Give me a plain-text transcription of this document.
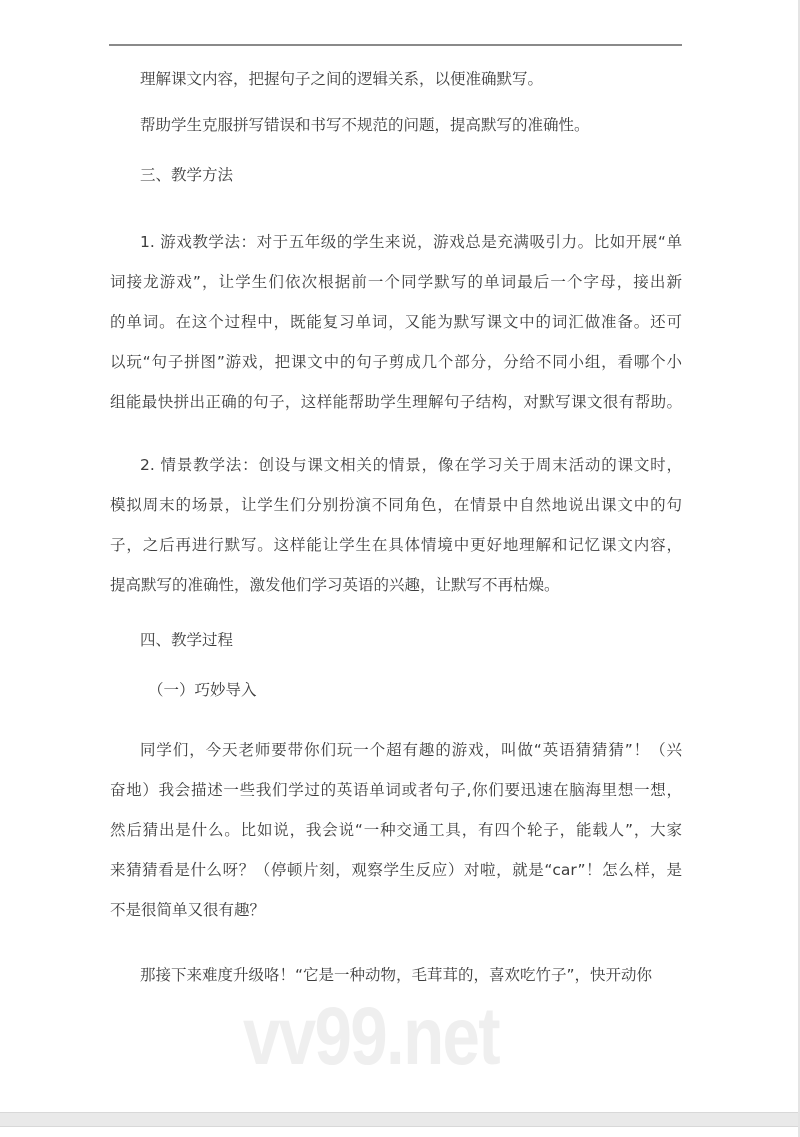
理解课文内容，把握句子之间的逻辑关系，以便准确默写。
帮助学生克服拼写错误和书写不规范的问题，提高默写的准确性。
三、教学方法
1. 游戏教学法：对于五年级的学生来说，游戏总是充满吸引力。比如开展“单
词接龙游戏”，让学生们依次根据前一个同学默写的单词最后一个字母，接出新
的单词。在这个过程中，既能复习单词，又能为默写课文中的词汇做准备。还可
以玩“句子拼图”游戏，把课文中的句子剪成几个部分，分给不同小组，看哪个小
组能最快拼出正确的句子，这样能帮助学生理解句子结构，对默写课文很有帮助。
2. 情景教学法：创设与课文相关的情景，像在学习关于周末活动的课文时，
模拟周末的场景，让学生们分别扮演不同角色，在情景中自然地说出课文中的句
子，之后再进行默写。这样能让学生在具体情境中更好地理解和记忆课文内容，
提高默写的准确性，激发他们学习英语的兴趣，让默写不再枯燥。
四、教学过程
（一）巧妙导入
同学们，今天老师要带你们玩一个超有趣的游戏，叫做“英语猜猜猜”！（兴
奋地）我会描述一些我们学过的英语单词或者句子,你们要迅速在脑海里想一想，
然后猜出是什么。比如说，我会说“一种交通工具，有四个轮子，能载人”，大家
来猜猜看是什么呀？（停顿片刻，观察学生反应）对啦，就是“car”！怎么样，是
不是很简单又很有趣？
那接下来难度升级咯！“它是一种动物，毛茸茸的，喜欢吃竹子”，快开动你
vv99.net
